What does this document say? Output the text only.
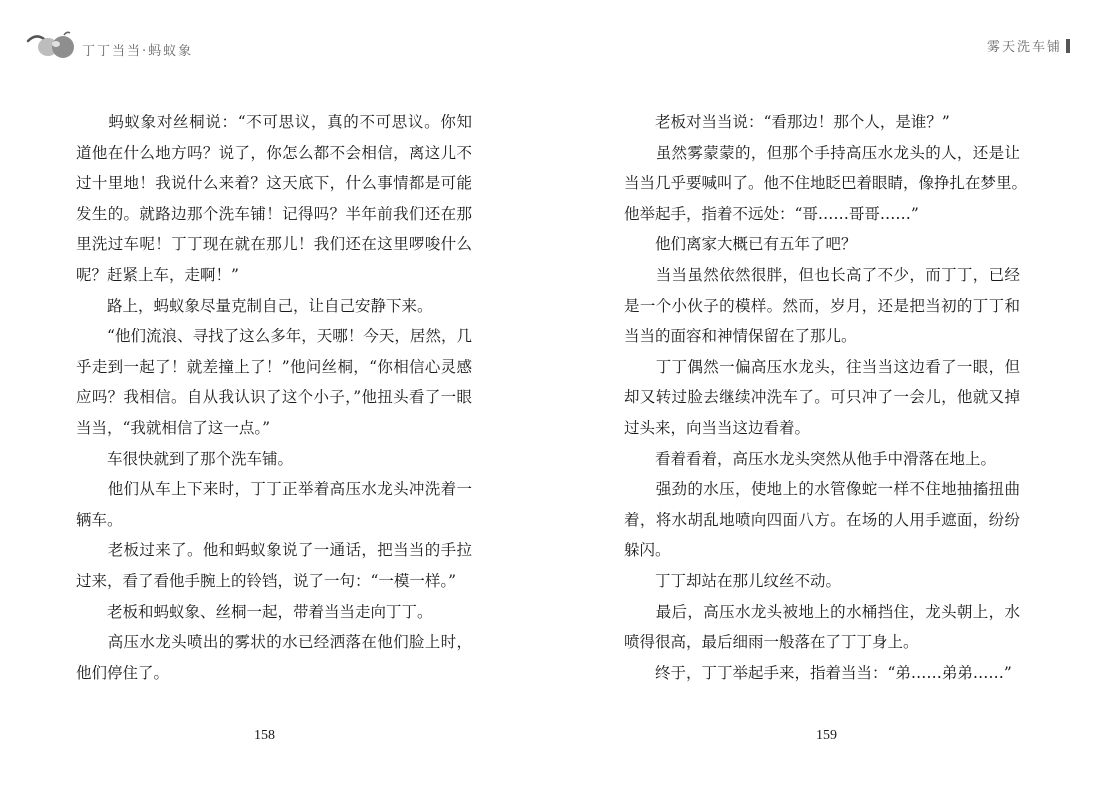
丁丁当当·蚂蚁象
　　蚂蚁象对丝桐说：“不可思议，真的不可思议。你知
道他在什么地方吗？说了，你怎么都不会相信，离这儿不
过十里地！我说什么来着？这天底下，什么事情都是可能
发生的。就路边那个洗车铺！记得吗？半年前我们还在那
里洗过车呢！丁丁现在就在那儿！我们还在这里啰唆什么
呢？赶紧上车，走啊！”
　　路上，蚂蚁象尽量克制自己，让自己安静下来。
　　“他们流浪、寻找了这么多年，天哪！今天，居然，几
乎走到一起了！就差撞上了！”他问丝桐，“你相信心灵感
应吗？我相信。自从我认识了这个小子，”他扭头看了一眼
当当，“我就相信了这一点。”
　　车很快就到了那个洗车铺。
　　他们从车上下来时，丁丁正举着高压水龙头冲洗着一
辆车。
　　老板过来了。他和蚂蚁象说了一通话，把当当的手拉
过来，看了看他手腕上的铃铛，说了一句：“一模一样。”
　　老板和蚂蚁象、丝桐一起，带着当当走向丁丁。
　　高压水龙头喷出的雾状的水已经洒落在他们脸上时，
他们停住了。
158
雾天洗车铺
　　老板对当当说：“看那边！那个人，是谁？”
　　虽然雾蒙蒙的，但那个手持高压水龙头的人，还是让
当当几乎要喊叫了。他不住地眨巴着眼睛，像挣扎在梦里。
他举起手，指着不远处：“哥……哥哥……”
　　他们离家大概已有五年了吧？
　　当当虽然依然很胖，但也长高了不少，而丁丁，已经
是一个小伙子的模样。然而，岁月，还是把当初的丁丁和
当当的面容和神情保留在了那儿。
　　丁丁偶然一偏高压水龙头，往当当这边看了一眼，但
却又转过脸去继续冲洗车了。可只冲了一会儿，他就又掉
过头来，向当当这边看着。
　　看着看着，高压水龙头突然从他手中滑落在地上。
　　强劲的水压，使地上的水管像蛇一样不住地抽搐扭曲
着，将水胡乱地喷向四面八方。在场的人用手遮面，纷纷
躲闪。
　　丁丁却站在那儿纹丝不动。
　　最后，高压水龙头被地上的水桶挡住，龙头朝上，水
喷得很高，最后细雨一般落在了丁丁身上。
　　终于，丁丁举起手来，指着当当：“弟……弟弟……”
159
